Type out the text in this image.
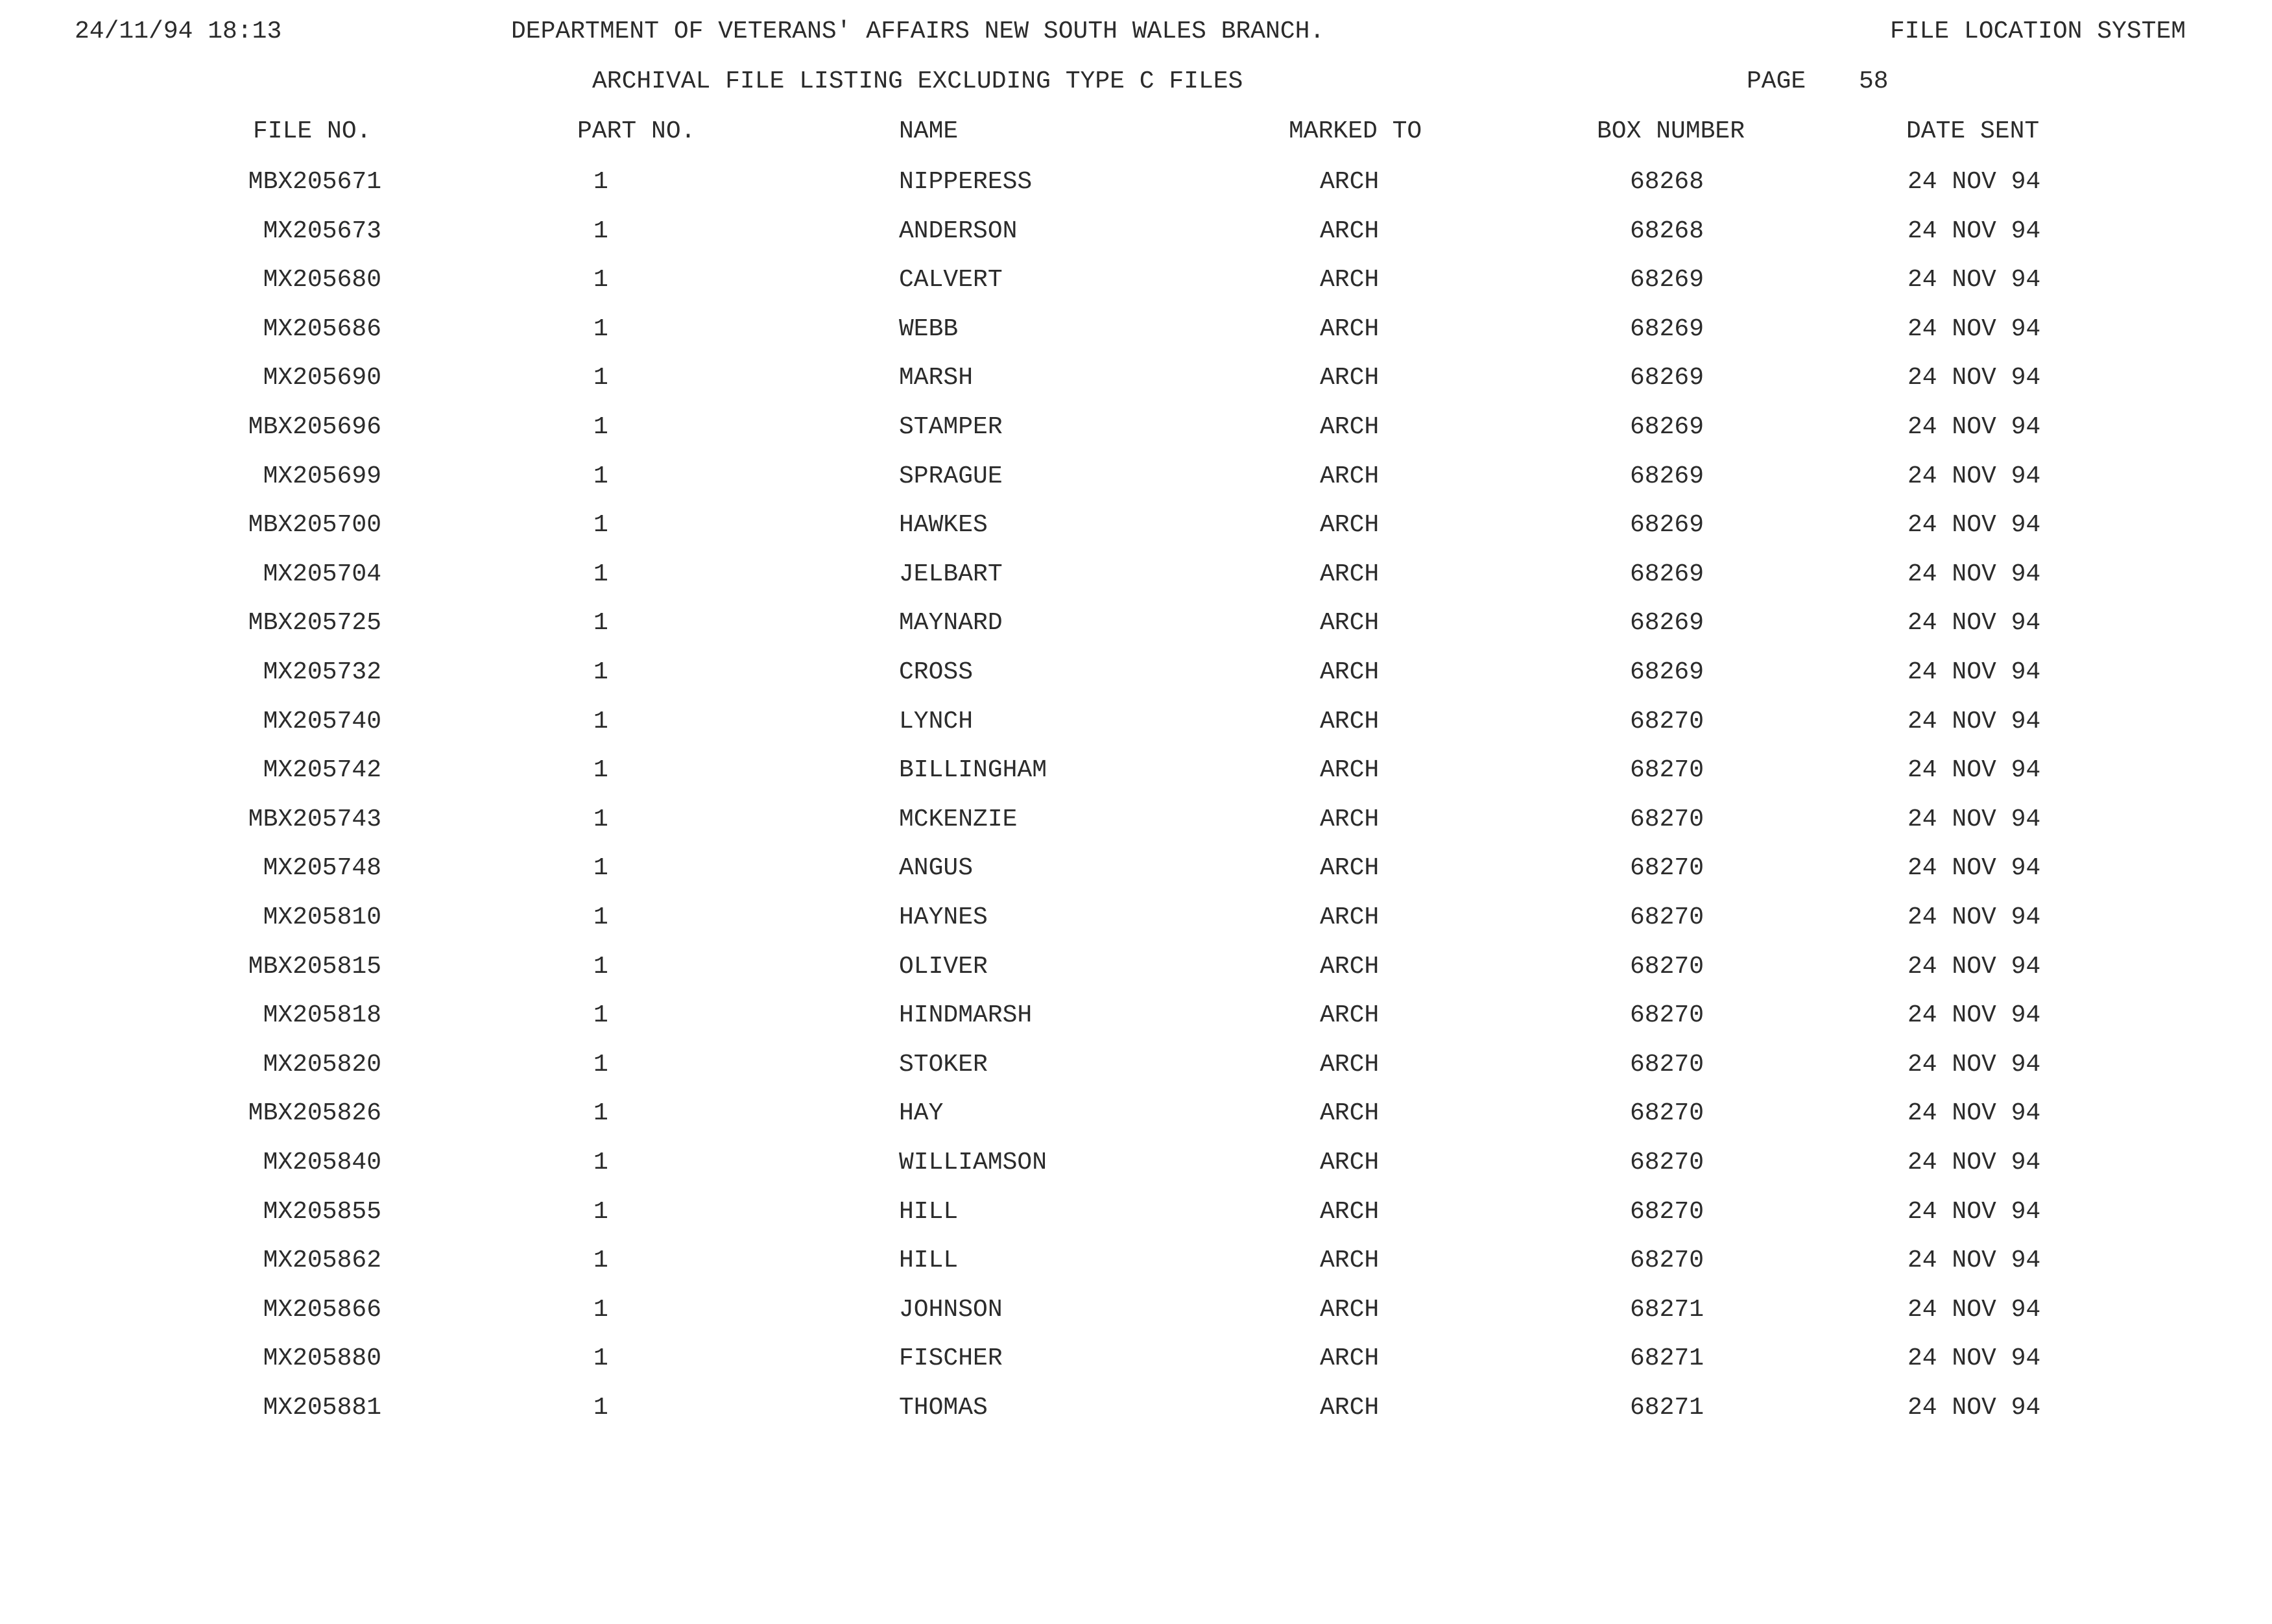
24/11/94 18:13	DEPARTMENT OF VETERANS' AFFAIRS NEW SOUTH WALES BRANCH.	FILE LOCATION SYSTEM
ARCHIVAL FILE LISTING EXCLUDING TYPE C FILES	PAGE 58
FILE NO.	PART NO.	NAME	MARKED TO	BOX NUMBER	DATE SENT
MBX205671	1	NIPPERESS	ARCH	68268	24 NOV 94
MX205673	1	ANDERSON	ARCH	68268	24 NOV 94
MX205680	1	CALVERT	ARCH	68269	24 NOV 94
MX205686	1	WEBB	ARCH	68269	24 NOV 94
MX205690	1	MARSH	ARCH	68269	24 NOV 94
MBX205696	1	STAMPER	ARCH	68269	24 NOV 94
MX205699	1	SPRAGUE	ARCH	68269	24 NOV 94
MBX205700	1	HAWKES	ARCH	68269	24 NOV 94
MX205704	1	JELBART	ARCH	68269	24 NOV 94
MBX205725	1	MAYNARD	ARCH	68269	24 NOV 94
MX205732	1	CROSS	ARCH	68269	24 NOV 94
MX205740	1	LYNCH	ARCH	68270	24 NOV 94
MX205742	1	BILLINGHAM	ARCH	68270	24 NOV 94
MBX205743	1	MCKENZIE	ARCH	68270	24 NOV 94
MX205748	1	ANGUS	ARCH	68270	24 NOV 94
MX205810	1	HAYNES	ARCH	68270	24 NOV 94
MBX205815	1	OLIVER	ARCH	68270	24 NOV 94
MX205818	1	HINDMARSH	ARCH	68270	24 NOV 94
MX205820	1	STOKER	ARCH	68270	24 NOV 94
MBX205826	1	HAY	ARCH	68270	24 NOV 94
MX205840	1	WILLIAMSON	ARCH	68270	24 NOV 94
MX205855	1	HILL	ARCH	68270	24 NOV 94
MX205862	1	HILL	ARCH	68270	24 NOV 94
MX205866	1	JOHNSON	ARCH	68271	24 NOV 94
MX205880	1	FISCHER	ARCH	68271	24 NOV 94
MX205881	1	THOMAS	ARCH	68271	24 NOV 94
